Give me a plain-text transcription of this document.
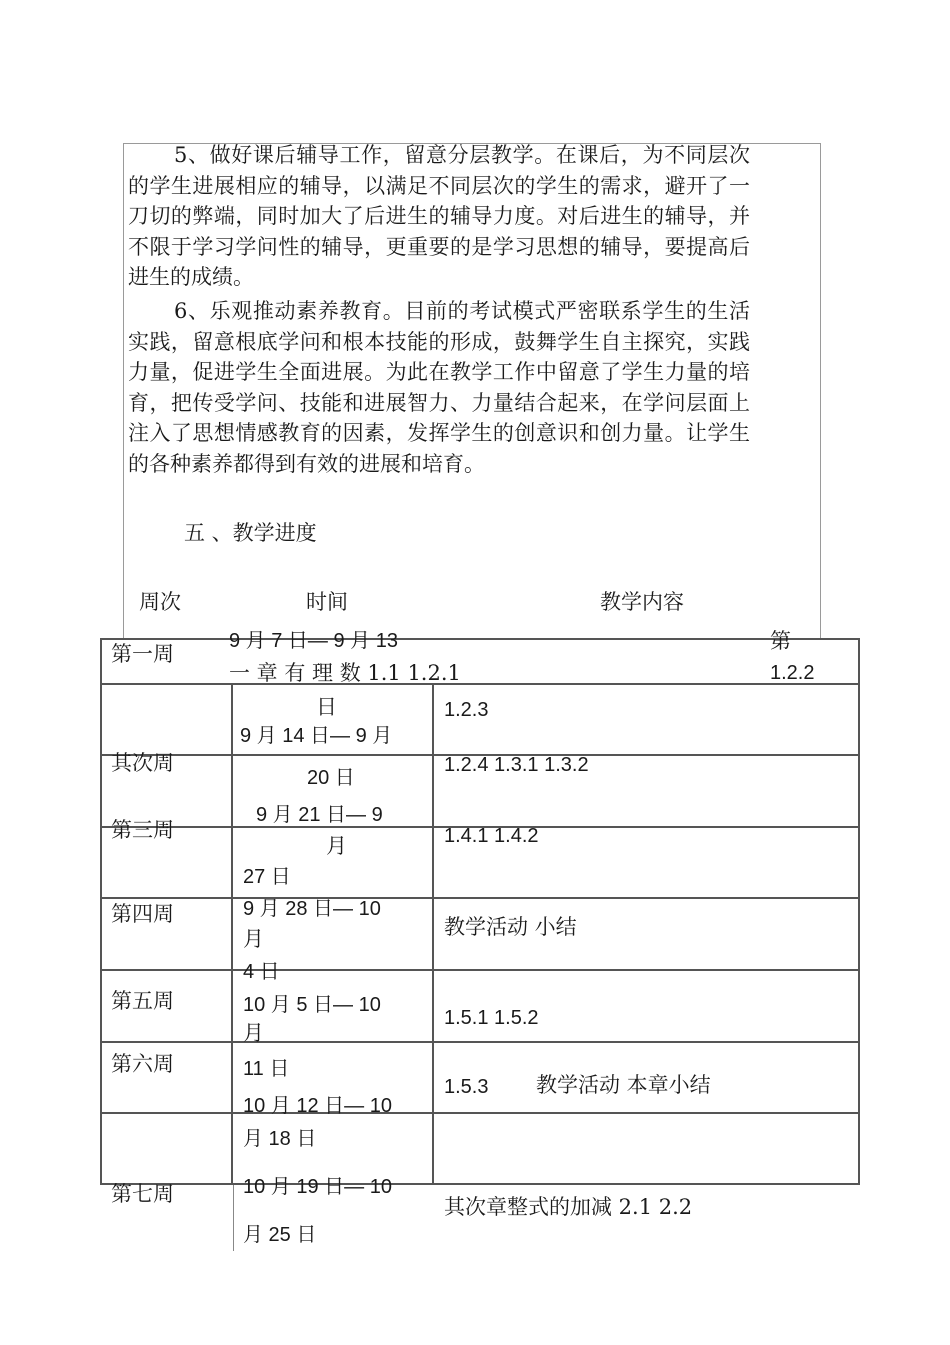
5、做好课后辅导工作，留意分层教学。在课后，为不同层次的学生进展相应的辅导，以满足不同层次的学生的需求，避开了一刀切的弊端，同时加大了后进生的辅导力度。对后进生的辅导，并不限于学习学问性的辅导，更重要的是学习思想的辅导，要提高后进生的成绩。

6、乐观推动素养教育。目前的考试模式严密联系学生的生活实践，留意根底学问和根本技能的形成，鼓舞学生自主探究，实践力量，促进学生全面进展。为此在教学工作中留意了学生力量的培育，把传受学问、技能和进展智力、力量结合起来，在学问层面上注入了思想情感教育的因素，发挥学生的创意识和创力量。让学生的各种素养都得到有效的进展和培育。

五 、教学进度
周次	时间	教学内容
第一周
其次周
第三周
第四周
第五周
第六周
第七周
9 月 7 日— 9 月 13
日
9 月 14 日— 9 月
20 日
9 月 21 日— 9
月
27 日
9 月 28 日— 10
月
4 日
10 月 5 日— 10
月
11 日
10 月 12 日— 10
月 18 日
10 月 19 日— 10
月 25 日
一 章 有 理 数 1.1 1.2.1
第
1.2.2
1.2.3
1.2.4 1.3.1 1.3.2
1.4.1 1.4.2
教学活动 小结
1.5.1 1.5.2
1.5.3 教学活动 本章小结
其次章整式的加减 2.1 2.2
